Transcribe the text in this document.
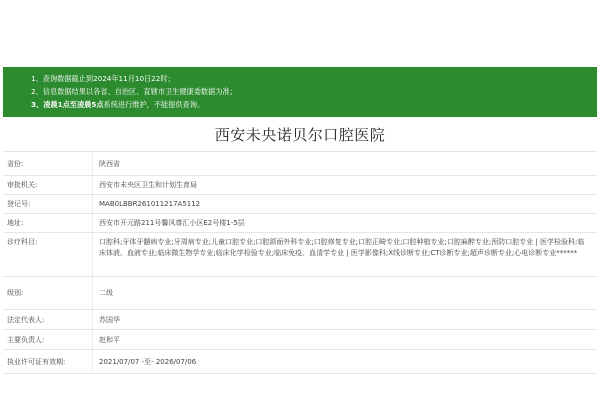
1、查询数据截止到2024年11月10日22时；
2、信息数据结果以各省、自治区、直辖市卫生健康委数据为准；
3、凌晨1点至凌晨5点系统进行维护，不能提供查询。
西安未央诺贝尔口腔医院
省份:	陕西省
审批机关:	西安市未央区卫生和计划生育局
登记号:	MAB0LBBR261011217A5112
地址:	西安市开元路211号馨风尊汇小区E2号楼1-5层
诊疗科目:	口腔科;牙体牙髓病专业;牙周病专业;儿童口腔专业;口腔颌面外科专业;口腔修复专业;口腔正畸专业;口腔种植专业;口腔麻醉专业;预防口腔专业 | 医学检验科;临床体液、血液专业;临床微生物学专业;临床化学检验专业;临床免疫、血清学专业 | 医学影像科;X线诊断专业;CT诊断专业;超声诊断专业;心电诊断专业******
级别:	二级
法定代表人:	苏国华
主要负责人:	赵和平
执业许可证有效期:	2021/07/07 -至- 2026/07/06
